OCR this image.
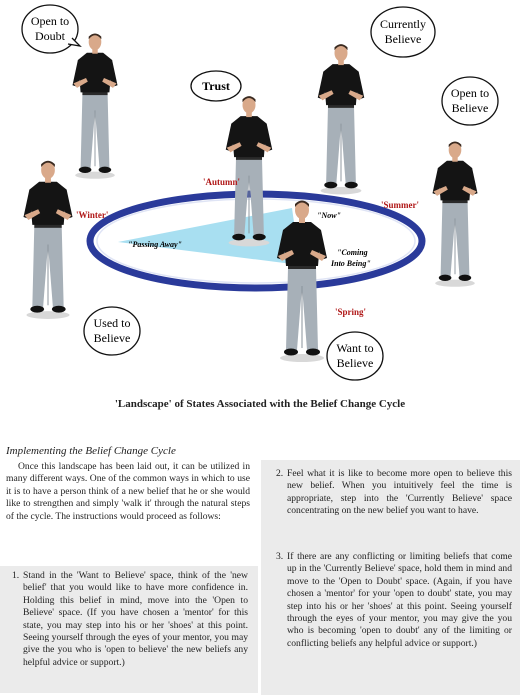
Open to
Doubt
Currently
Believe
Trust	Open to
Believe
Used to
Believe
Want to
Believe
'Autumn'
'Winter'
'Summer'
'Spring'
"Now"
"Passing Away"
"Coming
Into Being"
'Landscape' of States Associated with the Belief Change Cycle
Implementing the Belief Change Cycle

Once this landscape has been laid out, it can be utilized in many different ways. One of the common ways in which to use it is to have a person think of a new belief that he or she would like to strengthen and simply 'walk it' through the natural steps of the cycle. The instructions would proceed as follows:

1. Stand in the 'Want to Believe' space, think of the 'new belief' that you would like to have more confidence in. Holding this belief in mind, move into the 'Open to Believe' space. (If you have chosen a 'mentor' for this state, you may step into his or her 'shoes' at this point. Seeing yourself through the eyes of your mentor, you may give the you who is 'open to believe' the new beliefs any helpful advice or support.)
2. Feel what it is like to become more open to believe this new belief. When you intuitively feel the time is appropriate, step into the 'Currently Believe' space concentrating on the new belief you want to have.
3. If there are any conflicting or limiting beliefs that come up in the 'Currently Believe' space, hold them in mind and move to the 'Open to Doubt' space. (Again, if you have chosen a 'mentor' for your 'open to doubt' state, you may step into his or her 'shoes' at this point. Seeing yourself through the eyes of your mentor, you may give the you who is becoming 'open to doubt' any of the limiting or conflicting beliefs any helpful advice or support.)
